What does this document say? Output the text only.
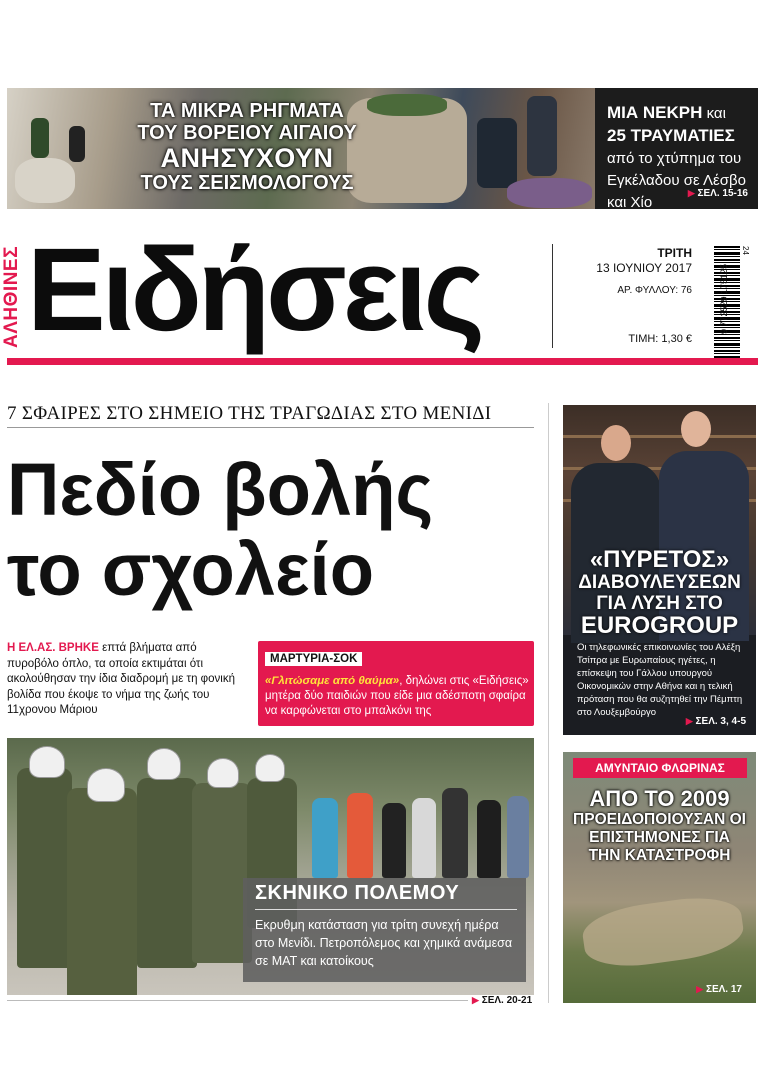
ΤΑ ΜΙΚΡΑ ΡΗΓΜΑΤΑ
ΤΟΥ ΒΟΡΕΙΟΥ ΑΙΓΑΙΟΥ
ΑΝΗΣΥΧΟΥΝ
ΤΟΥΣ ΣΕΙΣΜΟΛΟΓΟΥΣ
ΜΙΑ ΝΕΚΡΗ και
25 ΤΡΑΥΜΑΤΙΕΣ από το χτύπημα του Εγκέλαδου σε Λέσβο και Χίο
▶ ΣΕΛ. 15-16
ΑΛΗΘΙΝΕΣ Ειδήσεις	ΤΡΙΤΗ
13 ΙΟΥΝΙΟΥ 2017
ΑΡ. ΦΥΛΛΟΥ: 76
ΤΙΜΗ: 1,30 €
9 772529 175125
24
7 ΣΦΑΙΡΕΣ ΣΤΟ ΣΗΜΕΙΟ ΤΗΣ ΤΡΑΓΩΔΙΑΣ ΣΤΟ ΜΕΝΙΔΙ
Πεδίο βολής
το σχολείο
Η ΕΛ.ΑΣ. ΒΡΗΚΕ επτά βλήματα από πυροβόλο όπλο, τα οποία εκτιμάται ότι ακολούθησαν την ίδια διαδρομή με τη φονική βολίδα που έκοψε το νήμα της ζωής του 11χρονου Μάριου
ΜΑΡΤΥΡΙΑ-ΣΟΚ
«Γλιτώσαμε από θαύμα», δηλώνει στις «Ειδήσεις» μητέρα δύο παιδιών που είδε μια αδέσποτη σφαίρα να καρφώνεται στο μπαλκόνι της
ΣΚΗΝΙΚΟ ΠΟΛΕΜΟΥ
Εκρυθμη κατάσταση για τρίτη συνεχή ημέρα στο Μενίδι. Πετροπόλεμος και χημικά ανάμεσα σε ΜΑΤ και κατοίκους
▶ ΣΕΛ. 20-21
«ΠΥΡΕΤΟΣ»
ΔΙΑΒΟΥΛΕΥΣΕΩΝ
ΓΙΑ ΛΥΣΗ ΣΤΟ
EUROGROUP
Οι τηλεφωνικές επικοινωνίες του Αλέξη Τσίπρα με Ευρωπαίους ηγέτες, η επίσκεψη του Γάλλου υπουργού Οικονομικών στην Αθήνα και η τελική πρόταση που θα συζητηθεί την Πέμπτη στο Λουξεμβούργο
▶ ΣΕΛ. 3, 4-5
ΑΜΥΝΤΑΙΟ ΦΛΩΡΙΝΑΣ
ΑΠΟ ΤΟ 2009
ΠΡΟΕΙΔΟΠΟΙΟΥΣΑΝ ΟΙ
ΕΠΙΣΤΗΜΟΝΕΣ ΓΙΑ
ΤΗΝ ΚΑΤΑΣΤΡΟΦΗ
▶ ΣΕΛ. 17
